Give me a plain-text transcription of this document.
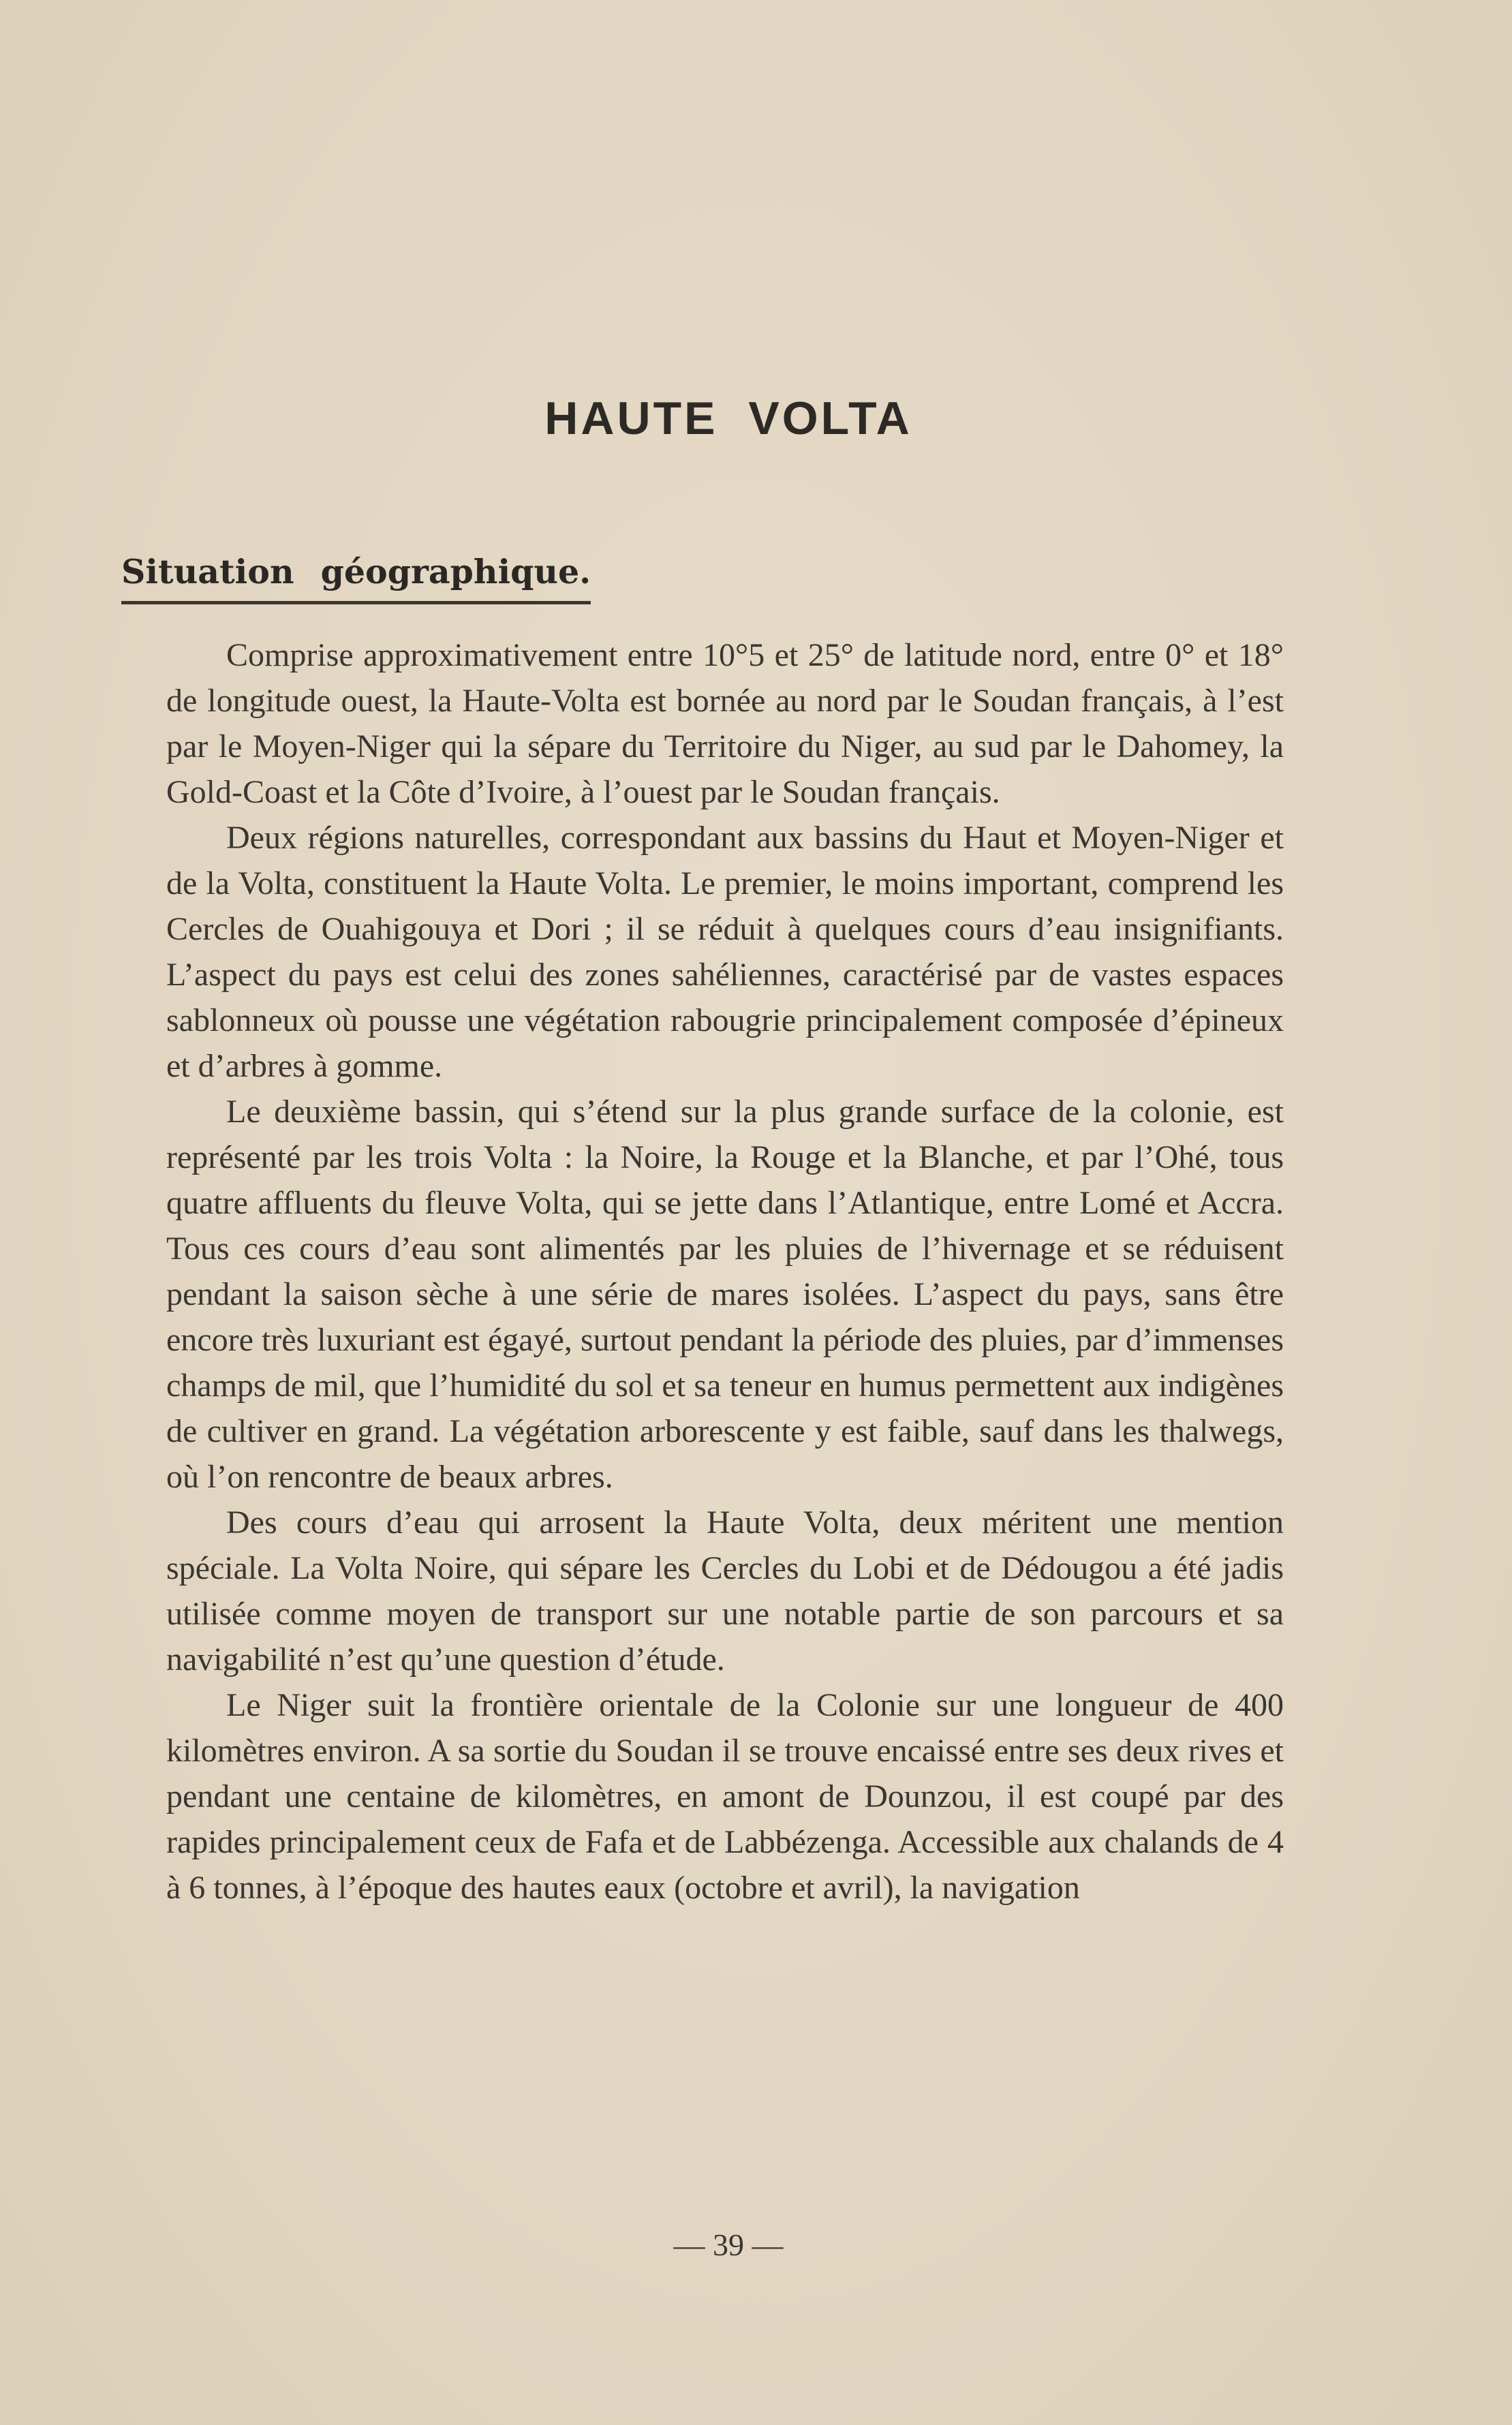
HAUTE VOLTA
Situation géographique.

Comprise approximativement entre 10°5 et 25° de latitude nord, entre 0° et 18° de longitude ouest, la Haute-Volta est bornée au nord par le Soudan français, à l’est par le Moyen-Niger qui la sépare du Territoire du Niger, au sud par le Dahomey, la Gold-Coast et la Côte d’Ivoire, à l’ouest par le Soudan français.

Deux régions naturelles, correspondant aux bassins du Haut et Moyen-Niger et de la Volta, constituent la Haute Volta. Le premier, le moins important, comprend les Cercles de Ouahigouya et Dori ; il se réduit à quelques cours d’eau insignifiants. L’aspect du pays est celui des zones sahéliennes, caractérisé par de vastes espaces sablonneux où pousse une végétation rabougrie principalement composée d’épineux et d’arbres à gomme.

Le deuxième bassin, qui s’étend sur la plus grande surface de la colonie, est représenté par les trois Volta : la Noire, la Rouge et la Blanche, et par l’Ohé, tous quatre affluents du fleuve Volta, qui se jette dans l’Atlantique, entre Lomé et Accra. Tous ces cours d’eau sont alimentés par les pluies de l’hivernage et se réduisent pendant la saison sèche à une série de mares isolées. L’aspect du pays, sans être encore très luxuriant est égayé, surtout pendant la période des pluies, par d’immenses champs de mil, que l’humidité du sol et sa teneur en humus permettent aux indigènes de cultiver en grand. La végétation arborescente y est faible, sauf dans les thalwegs, où l’on rencontre de beaux arbres.

Des cours d’eau qui arrosent la Haute Volta, deux méritent une mention spéciale. La Volta Noire, qui sépare les Cercles du Lobi et de Dédougou a été jadis utilisée comme moyen de transport sur une notable partie de son parcours et sa navigabilité n’est qu’une question d’étude.

Le Niger suit la frontière orientale de la Colonie sur une longueur de 400 kilomètres environ. A sa sortie du Soudan il se trouve encaissé entre ses deux rives et pendant une centaine de kilomètres, en amont de Dounzou, il est coupé par des rapides principalement ceux de Fafa et de Labbézenga. Accessible aux chalands de 4 à 6 tonnes, à l’époque des hautes eaux (octobre et avril), la navigation

— 39 —
